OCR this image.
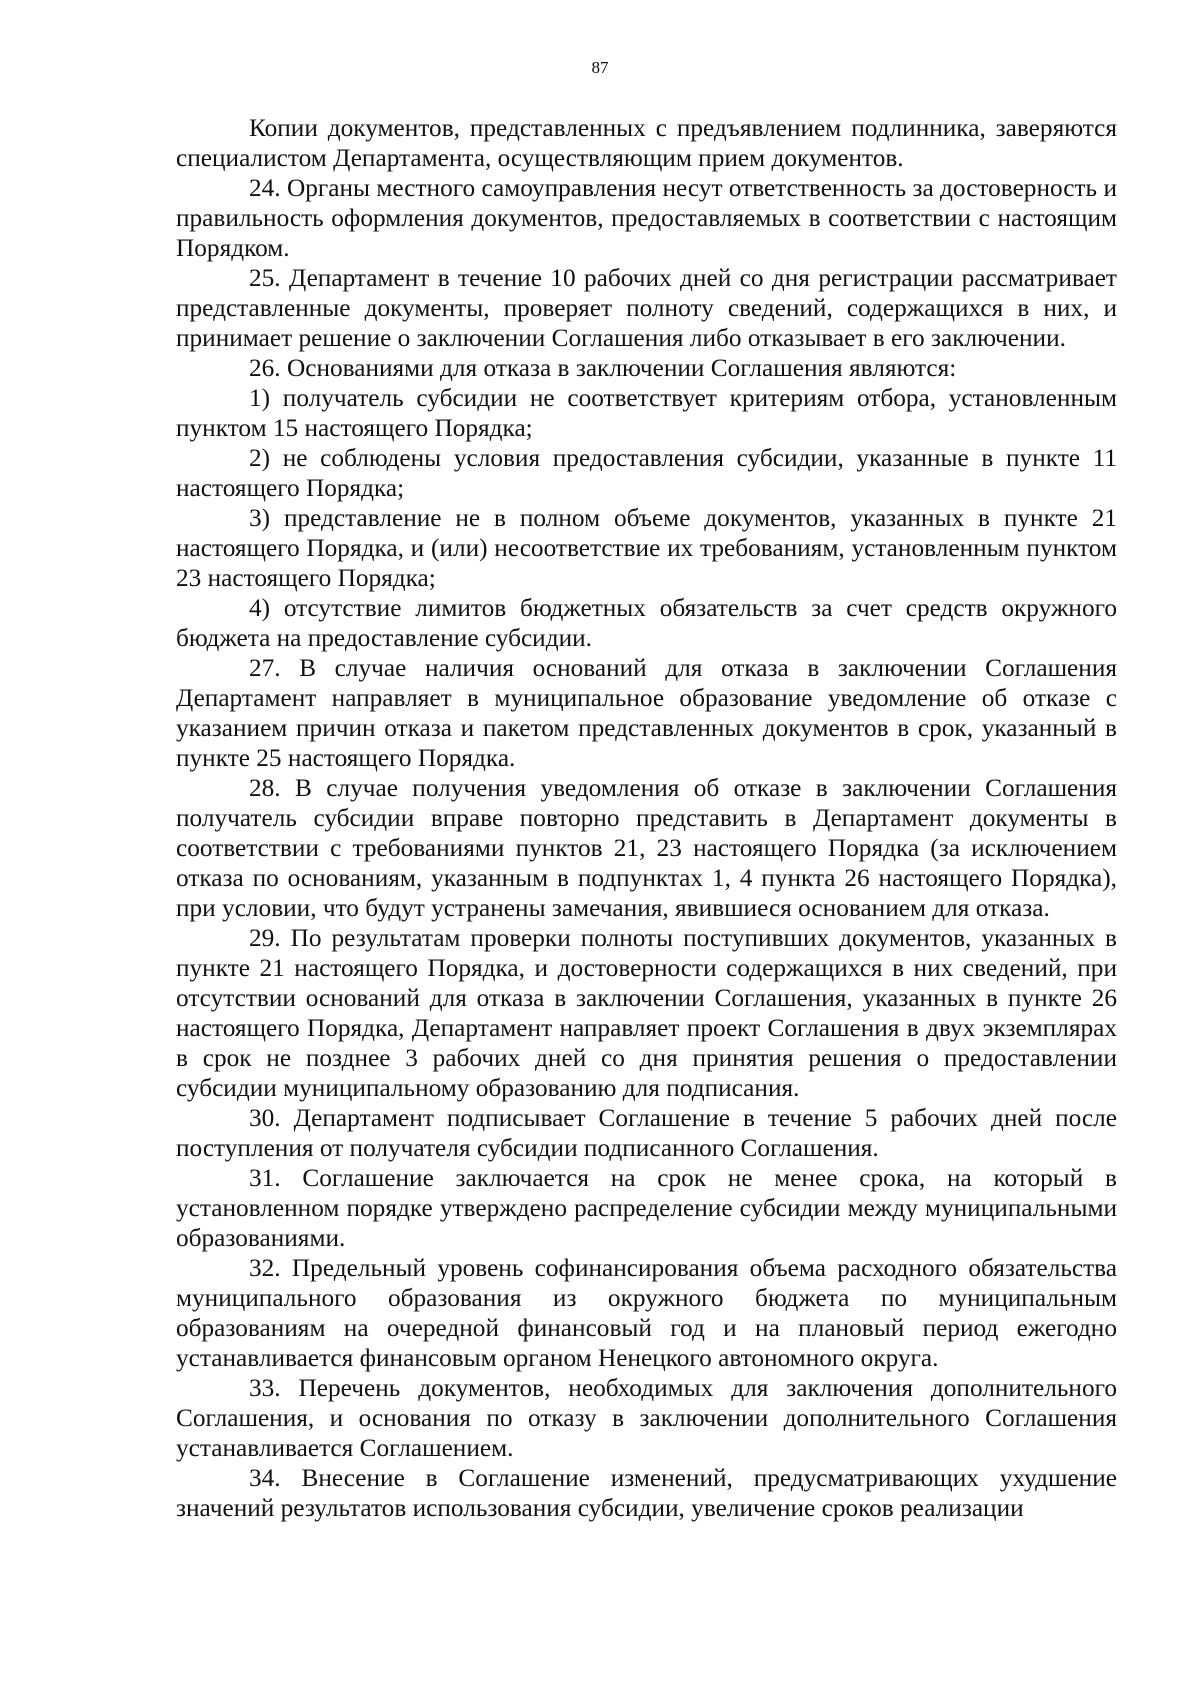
87

Копии документов, представленных с предъявлением подлинника, заверяются специалистом Департамента, осуществляющим прием документов.

24. Органы местного самоуправления несут ответственность за достоверность и правильность оформления документов, предоставляемых в соответствии с настоящим Порядком.

25. Департамент в течение 10 рабочих дней со дня регистрации рассматривает представленные документы, проверяет полноту сведений, содержащихся в них, и принимает решение о заключении Соглашения либо отказывает в его заключении.

26. Основаниями для отказа в заключении Соглашения являются:

1) получатель субсидии не соответствует критериям отбора, установленным пунктом 15 настоящего Порядка;

2) не соблюдены условия предоставления субсидии, указанные в пункте 11 настоящего Порядка;

3) представление не в полном объеме документов, указанных в пункте 21 настоящего Порядка, и (или) несоответствие их требованиям, установленным пунктом 23 настоящего Порядка;

4) отсутствие лимитов бюджетных обязательств за счет средств окружного бюджета на предоставление субсидии.

27. В случае наличия оснований для отказа в заключении Соглашения Департамент направляет в муниципальное образование уведомление об отказе с указанием причин отказа и пакетом представленных документов в срок, указанный в пункте 25 настоящего Порядка.

28. В случае получения уведомления об отказе в заключении Соглашения получатель субсидии вправе повторно представить в Департамент документы в соответствии с требованиями пунктов 21, 23 настоящего Порядка (за исключением отказа по основаниям, указанным в подпунктах 1, 4 пункта 26 настоящего Порядка), при условии, что будут устранены замечания, явившиеся основанием для отказа.

29. По результатам проверки полноты поступивших документов, указанных в пункте 21 настоящего Порядка, и достоверности содержащихся в них сведений, при отсутствии оснований для отказа в заключении Соглашения, указанных в пункте 26 настоящего Порядка, Департамент направляет проект Соглашения в двух экземплярах в срок не позднее 3 рабочих дней со дня принятия решения о предоставлении субсидии муниципальному образованию для подписания.

30. Департамент подписывает Соглашение в течение 5 рабочих дней после поступления от получателя субсидии подписанного Соглашения.

31. Соглашение заключается на срок не менее срока, на который в установленном порядке утверждено распределение субсидии между муниципальными образованиями.

32. Предельный уровень софинансирования объема расходного обязательства муниципального образования из окружного бюджета по муниципальным образованиям на очередной финансовый год и на плановый период ежегодно устанавливается финансовым органом Ненецкого автономного округа.

33. Перечень документов, необходимых для заключения дополнительного Соглашения, и основания по отказу в заключении дополнительного Соглашения устанавливается Соглашением.

34. Внесение в Соглашение изменений, предусматривающих ухудшение значений результатов использования субсидии, увеличение сроков реализации
